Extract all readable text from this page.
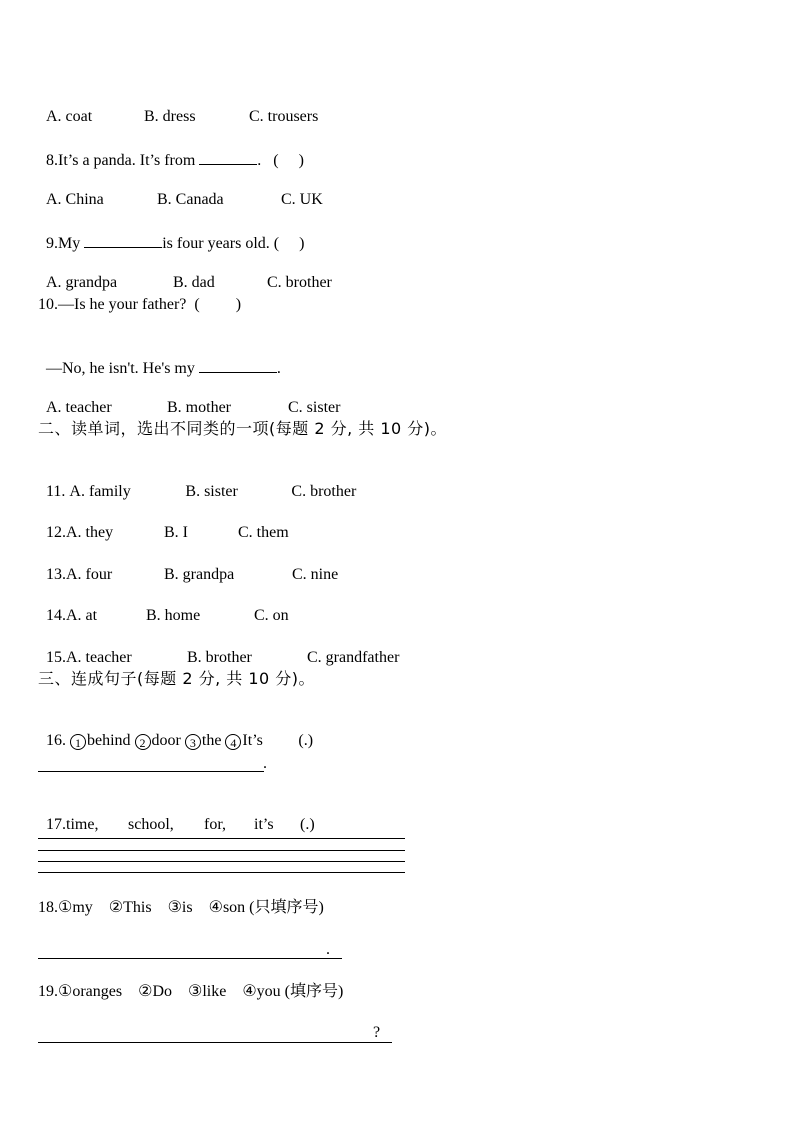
A. coat	B. dress	C. trousers

8.It’s a panda. It’s from	.   (     )

A. China	B. Canada	C. UK

9.My	is four years old. (     )

A. grandpa	B. dad	C. brother

10.—Is he your father?  (         )

—No, he isn't. He's my	.

A. teacher	B. mother	C. sister

二、读单词，选出不同类的一项(每题 2 分, 共 10 分)。

11. A. family	B. sister	C. brother

12.A. they	B. I	C. them

13.A. four	B. grandpa	C. nine

14.A. at	B. home	C. on

15.A. teacher	B. brother	C. grandfather

三、连成句子(每题 2 分, 共 10 分)。

16. 1 behind 2 door 3 the 4 It’s (.)

.

17.time, school, for, it’s (.)

18.①my    ②This    ③is    ④son (只填序号)
.
19.①oranges    ②Do    ③like    ④you (填序号)
?
